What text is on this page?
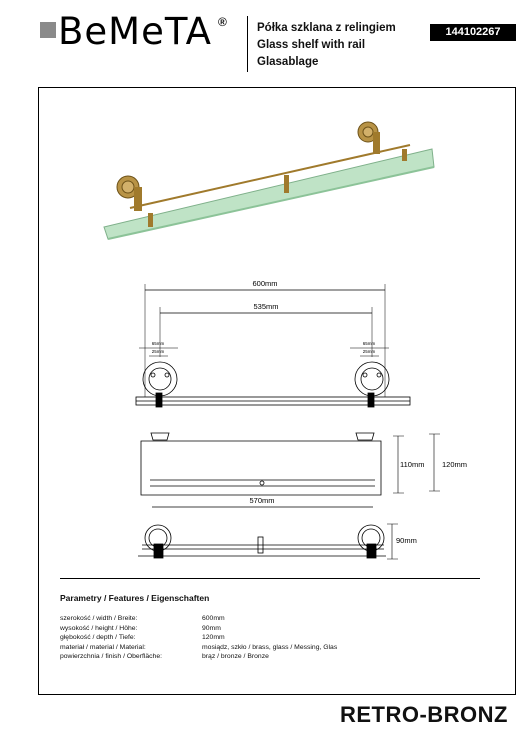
BeMeTA ®	Półka szklana z relingiem
Glass shelf with rail
Glasablage
144102267
600mm
535mm
65mm
25mm
65mm
25mm
110mm 120mm
570mm
90mm
Parametry / Features / Eigenschaften
szerokość / width / Breite:	600mm
wysokość / height / Höhe:	90mm
głębokość / depth / Tiefe:	120mm
materiał / material / Material:	mosiądz, szkło / brass, glass / Messing, Glas
powierzchnia / finish / Oberfläche:	brąz / bronze / Bronze
RETRO-BRONZ
